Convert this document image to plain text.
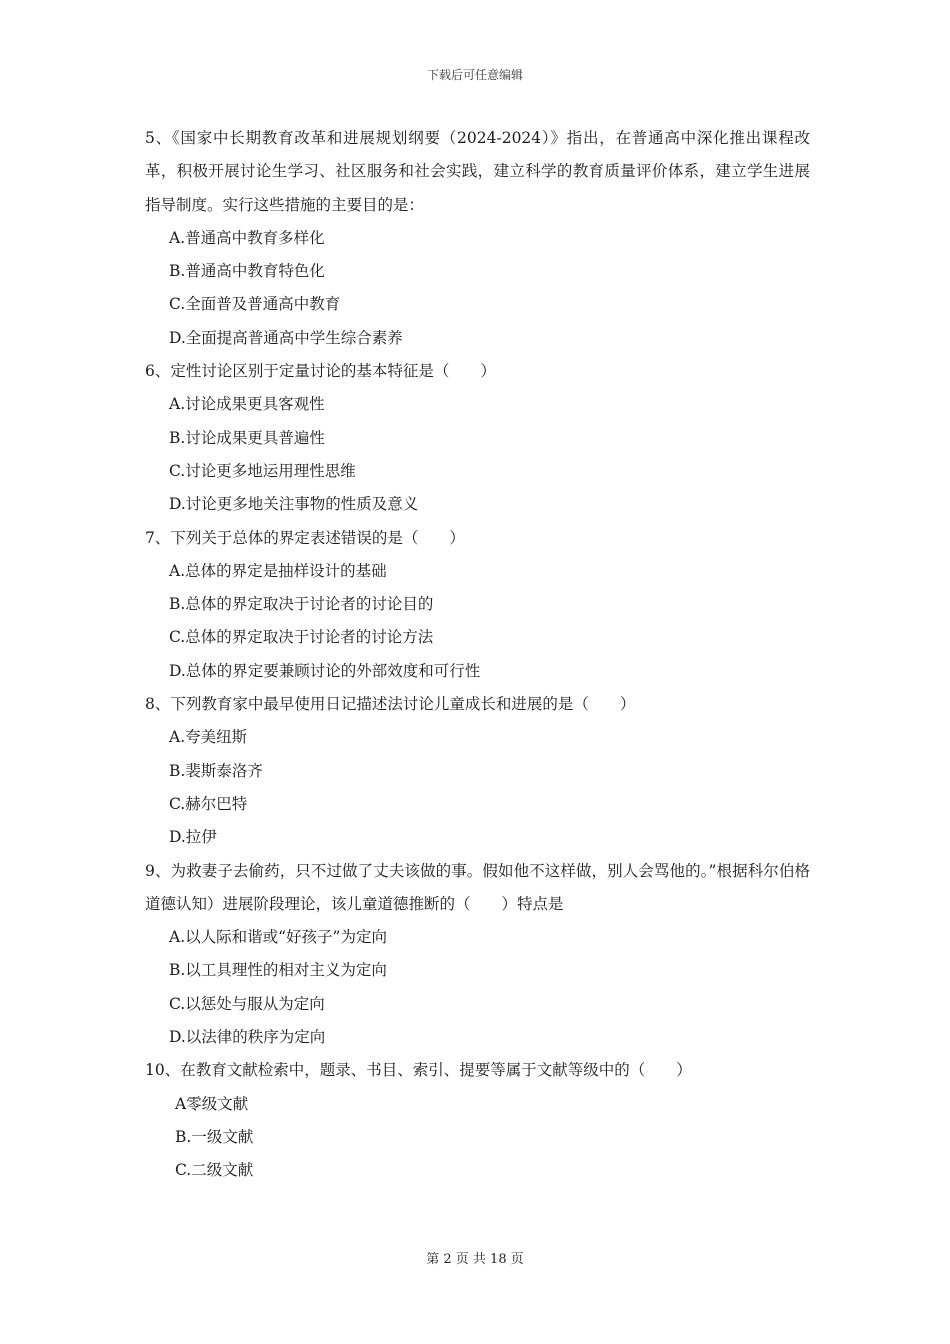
下载后可任意编辑

5、《国家中长期教育改革和进展规划纲要（2024-2024）》指出，在普通高中深化推出课程改革，积极开展讨论生学习、社区服务和社会实践，建立科学的教育质量评价体系，建立学生进展指导制度。实行这些措施的主要目的是：

A.普通高中教育多样化

B.普通高中教育特色化

C.全面普及普通高中教育

D.全面提高普通高中学生综合素养

6、定性讨论区别于定量讨论的基本特征是（　　）

A.讨论成果更具客观性

B.讨论成果更具普遍性

C.讨论更多地运用理性思维

D.讨论更多地关注事物的性质及意义

7、下列关于总体的界定表述错误的是（　　）

A.总体的界定是抽样设计的基础

B.总体的界定取决于讨论者的讨论目的

C.总体的界定取决于讨论者的讨论方法

D.总体的界定要兼顾讨论的外部效度和可行性

8、下列教育家中最早使用日记描述法讨论儿童成长和进展的是（　　）

A.夸美纽斯

B.裴斯泰洛齐

C.赫尔巴特

D.拉伊

9、为救妻子去偷药，只不过做了丈夫该做的事。假如他不这样做，别人会骂他的。”根据科尔伯格道德认知）进展阶段理论，该儿童道德推断的（　　）特点是

A.以人际和谐或“好孩子”为定向

B.以工具理性的相对主义为定向

C.以惩处与服从为定向

D.以法律的秩序为定向

10、在教育文献检索中，题录、书目、索引、提要等属于文献等级中的（　　）

A零级文献

B.一级文献

C.二级文献

第 2 页 共 18 页
